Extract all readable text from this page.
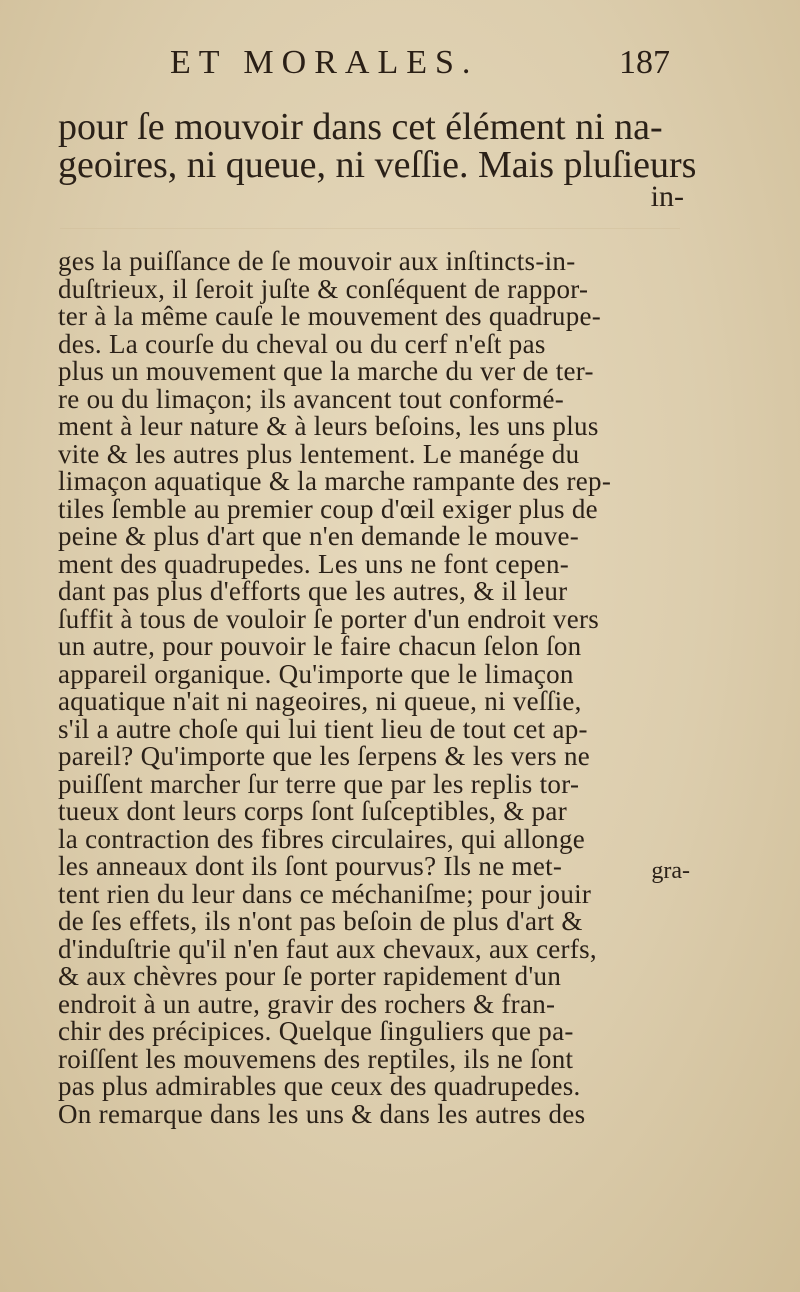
ET MORALES.	187
pour ſe mouvoir dans cet élément ni na-
geoires, ni queue, ni veſſie. Mais pluſieurs
in-
ges la puiſſance de ſe mouvoir aux inſtincts-in-
duſtrieux, il ſeroit juſte & conſéquent de rappor-
ter à la même cauſe le mouvement des quadrupe-
des. La courſe du cheval ou du cerf n'eſt pas
plus un mouvement que la marche du ver de ter-
re ou du limaçon; ils avancent tout conformé-
ment à leur nature & à leurs beſoins, les uns plus
vite & les autres plus lentement. Le manége du
limaçon aquatique & la marche rampante des rep-
tiles ſemble au premier coup d'œil exiger plus de
peine & plus d'art que n'en demande le mouve-
ment des quadrupedes. Les uns ne font cepen-
dant pas plus d'efforts que les autres, & il leur
ſuffit à tous de vouloir ſe porter d'un endroit vers
un autre, pour pouvoir le faire chacun ſelon ſon
appareil organique. Qu'importe que le limaçon
aquatique n'ait ni nageoires, ni queue, ni veſſie,
s'il a autre choſe qui lui tient lieu de tout cet ap-
pareil? Qu'importe que les ſerpens & les vers ne
puiſſent marcher ſur terre que par les replis tor-
tueux dont leurs corps ſont ſuſceptibles, & par
la contraction des fibres circulaires, qui allonge
les anneaux dont ils ſont pourvus? Ils ne met-
tent rien du leur dans ce méchaniſme; pour jouir
de ſes effets, ils n'ont pas beſoin de plus d'art &
d'induſtrie qu'il n'en faut aux chevaux, aux cerfs,
& aux chèvres pour ſe porter rapidement d'un
endroit à un autre, gravir des rochers & fran-
chir des précipices. Quelque ſinguliers que pa-
roiſſent les mouvemens des reptiles, ils ne ſont
pas plus admirables que ceux des quadrupedes.
On remarque dans les uns & dans les autres des
gra-
